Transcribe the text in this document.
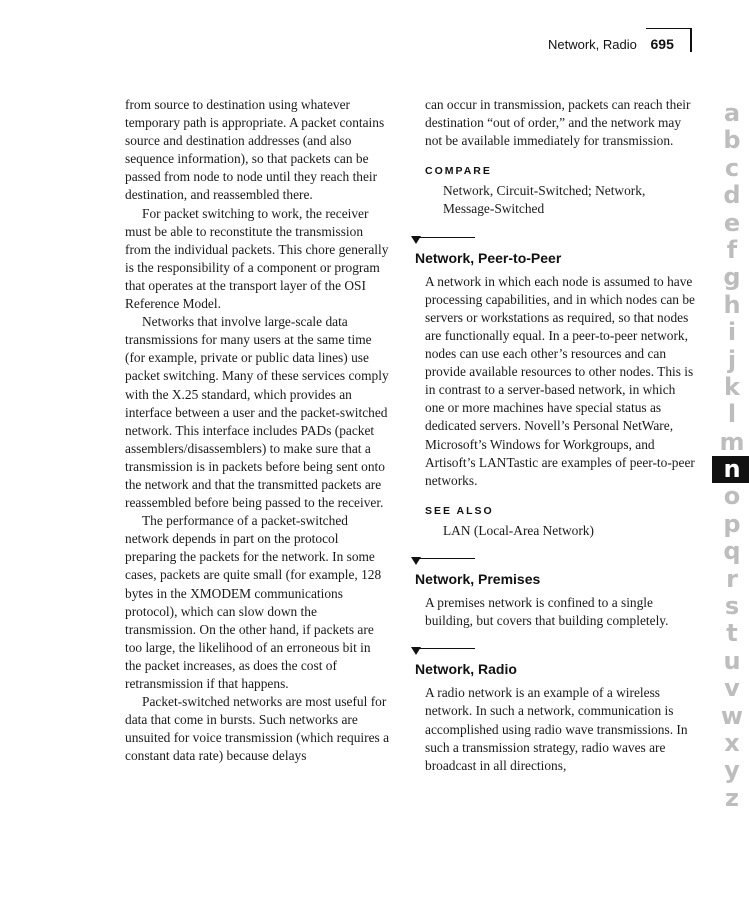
Network, Radio 695

from source to destination using whatever temporary path is appropriate. A packet contains source and destination addresses (and also sequence information), so that packets can be passed from node to node until they reach their destination, and reassembled there.

For packet switching to work, the receiver must be able to reconstitute the transmission from the individual packets. This chore generally is the responsibility of a component or program that operates at the transport layer of the OSI Reference Model.

Networks that involve large-scale data transmissions for many users at the same time (for example, private or public data lines) use packet switching. Many of these services comply with the X.25 standard, which provides an interface between a user and the packet-switched network. This interface includes PADs (packet assemblers/disassemblers) to make sure that a transmission is in packets before being sent onto the network and that the transmitted packets are reassembled before being passed to the receiver.

The performance of a packet-switched network depends in part on the protocol preparing the packets for the network. In some cases, packets are quite small (for example, 128 bytes in the XMODEM communications protocol), which can slow down the transmission. On the other hand, if packets are too large, the likelihood of an erroneous bit in the packet increases, as does the cost of retransmission if that happens.

Packet-switched networks are most useful for data that come in bursts. Such networks are unsuited for voice transmission (which requires a constant data rate) because delays

can occur in transmission, packets can reach their destination “out of order,” and the network may not be available immediately for transmission.

COMPARE

Network, Circuit-Switched; Network, Message-Switched

Network, Peer-to-Peer

A network in which each node is assumed to have processing capabilities, and in which nodes can be servers or workstations as required, so that nodes are functionally equal. In a peer-to-peer network, nodes can use each other’s resources and can provide available resources to other nodes. This is in contrast to a server-based network, in which one or more machines have special status as dedicated servers. Novell’s Personal NetWare, Microsoft’s Windows for Workgroups, and Artisoft’s LANTastic are examples of peer-to-peer networks.

SEE ALSO

LAN (Local-Area Network)

Network, Premises

A premises network is confined to a single building, but covers that building completely.

Network, Radio

A radio network is an example of a wireless network. In such a network, communication is accomplished using radio wave transmissions. In such a transmission strategy, radio waves are broadcast in all directions,

a
b
c
d
e
f
g
h
i
j
k
l
m
n
o
p
q
r
s
t
u
v
w
x
y
z
